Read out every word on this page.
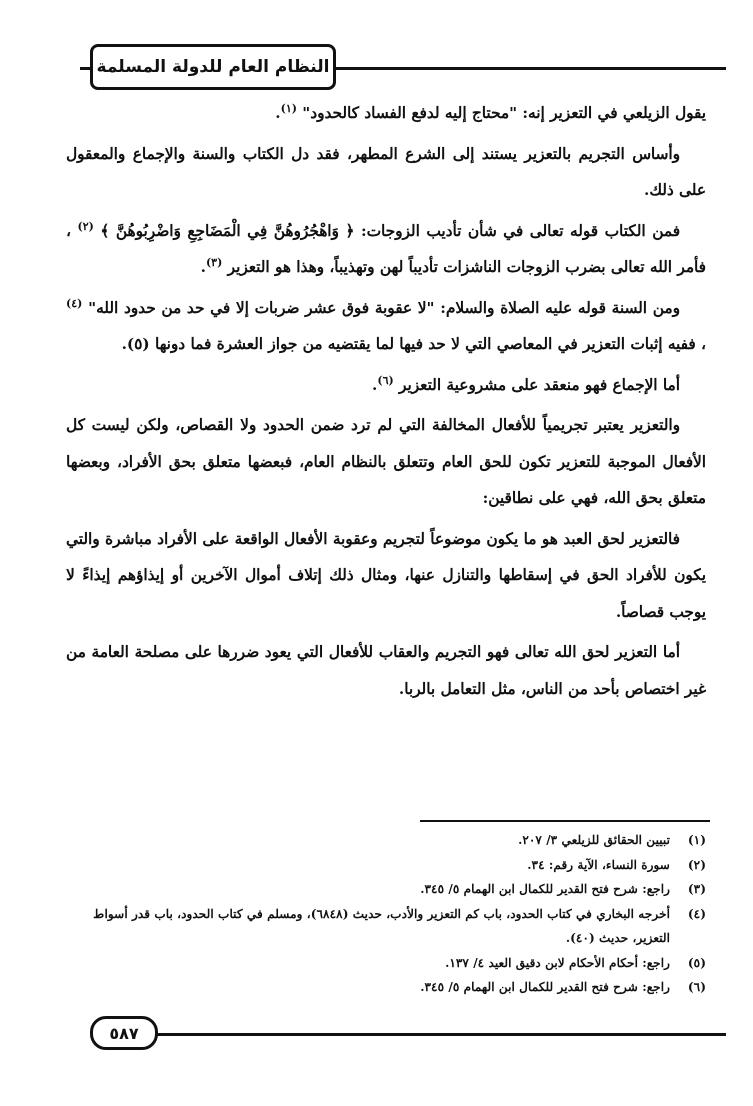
النظام العام للدولة المسلمة

يقول الزيلعي في التعزير إنه: "محتاج إليه لدفع الفساد كالحدود" $^{(١)}$.

وأساس التجريم بالتعزير يستند إلى الشرع المطهر، فقد دل الكتاب والسنة والإجماع والمعقول على ذلك.

فمن الكتاب قوله تعالى في شأن تأديب الزوجات: ﴿ وَاهْجُرُوهُنَّ فِي الْمَضَاجِعِ وَاضْرِبُوهُنَّ ﴾ $^{(٢)}$ ، فأمر الله تعالى بضرب الزوجات الناشزات تأديباً لهن وتهذيباً، وهذا هو التعزير $^{(٣)}$.

ومن السنة قوله عليه الصلاة والسلام: "لا عقوبة فوق عشر ضربات إلا في حد من حدود الله" $^{(٤)}$ ، ففيه إثبات التعزير في المعاصي التي لا حد فيها لما يقتضيه من جواز العشرة فما دونها (٥).

أما الإجماع فهو منعقد على مشروعية التعزير $^{(٦)}$.

والتعزير يعتبر تجريمياً للأفعال المخالفة التي لم ترد ضمن الحدود ولا القصاص، ولكن ليست كل الأفعال الموجبة للتعزير تكون للحق العام وتتعلق بالنظام العام، فبعضها متعلق بحق الأفراد، وبعضها متعلق بحق الله، فهي على نطاقين:

فالتعزير لحق العبد هو ما يكون موضوعاً لتجريم وعقوبة الأفعال الواقعة على الأفراد مباشرة والتي يكون للأفراد الحق في إسقاطها والتنازل عنها، ومثال ذلك إتلاف أموال الآخرين أو إيذاؤهم إيذاءً لا يوجب قصاصاً.

أما التعزير لحق الله تعالى فهو التجريم والعقاب للأفعال التي يعود ضررها على مصلحة العامة من غير اختصاص بأحد من الناس، مثل التعامل بالربا.

(١)
تبيين الحقائق للزيلعي ٣/ ٢٠٧.
(٢)
سورة النساء، الآية رقم: ٣٤.
(٣)
راجع: شرح فتح القدير للكمال ابن الهمام ٥/ ٣٤٥.
(٤)
أخرجه البخاري في كتاب الحدود، باب كم التعزير والأدب، حديث (٦٨٤٨)، ومسلم في كتاب الحدود، باب قدر أسواط التعزير، حديث (٤٠).
(٥)
راجع: أحكام الأحكام لابن دقيق العيد ٤/ ١٣٧.
(٦)
راجع: شرح فتح القدير للكمال ابن الهمام ٥/ ٣٤٥.
٥٨٧
